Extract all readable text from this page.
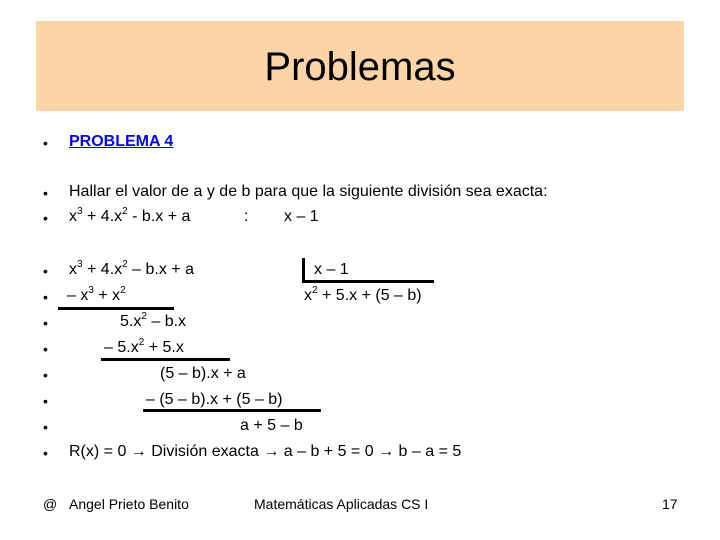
Problemas
•
•
•
•
•
•
•
•
•
•
•
PROBLEMA 4
Hallar el valor de a y de b para que la siguiente división sea exacta:
$x^3 + 4.x^2 - b.x + a$	: x – 1
$x^3 + 4.x^2 - b.x + a$	x – 1
– $x^3 + x^2$	$x^2 + 5.x + (5 - b)$
$5.x^2 - b.x$
– $5.x^2 + 5.x$
(5 – b).x + a
– (5 – b).x + (5 – b)
a + 5 – b
R(x) = 0 → División exacta → a – b + 5 = 0 → b – a = 5
@ Angel Prieto Benito	Matemáticas Aplicadas CS I	17
